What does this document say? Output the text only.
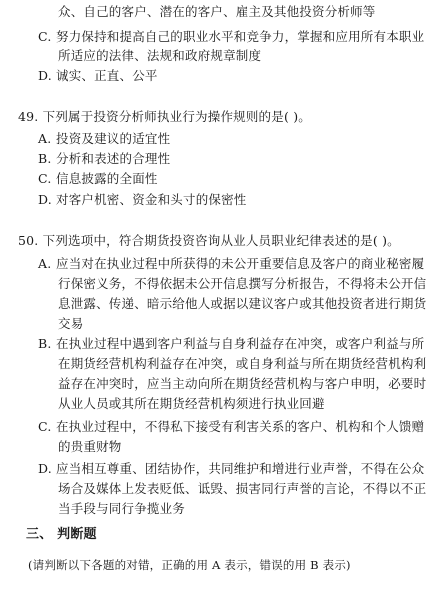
众、自己的客户、潜在的客户、雇主及其他投资分析师等
C. 努力保持和提高自己的职业水平和竞争力，掌握和应用所有本职业
所适应的法律、法规和政府规章制度
D. 诚实、正直、公平
49. 下列属于投资分析师执业行为操作规则的是( )。
A. 投资及建议的适宜性
B. 分析和表述的合理性
C. 信息披露的全面性
D. 对客户机密、资金和头寸的保密性
50. 下列选项中，符合期货投资咨询从业人员职业纪律表述的是( )。
A. 应当对在执业过程中所获得的未公开重要信息及客户的商业秘密履
行保密义务，不得依据未公开信息撰写分析报告，不得将未公开信
息泄露、传递、暗示给他人或据以建议客户或其他投资者进行期货
交易
B. 在执业过程中遇到客户利益与自身利益存在冲突，或客户利益与所
在期货经营机构利益存在冲突，或自身利益与所在期货经营机构利
益存在冲突时，应当主动向所在期货经营机构与客户申明，必要时
从业人员或其所在期货经营机构须进行执业回避
C. 在执业过程中，不得私下接受有利害关系的客户、机构和个人馈赠
的贵重财物
D. 应当相互尊重、团结协作，共同维护和增进行业声誉，不得在公众
场合及媒体上发表贬低、诋毁、损害同行声誉的言论，不得以不正
当手段与同行争揽业务
三、 判断题
(请判断以下各题的对错，正确的用 A 表示，错误的用 B 表示)
